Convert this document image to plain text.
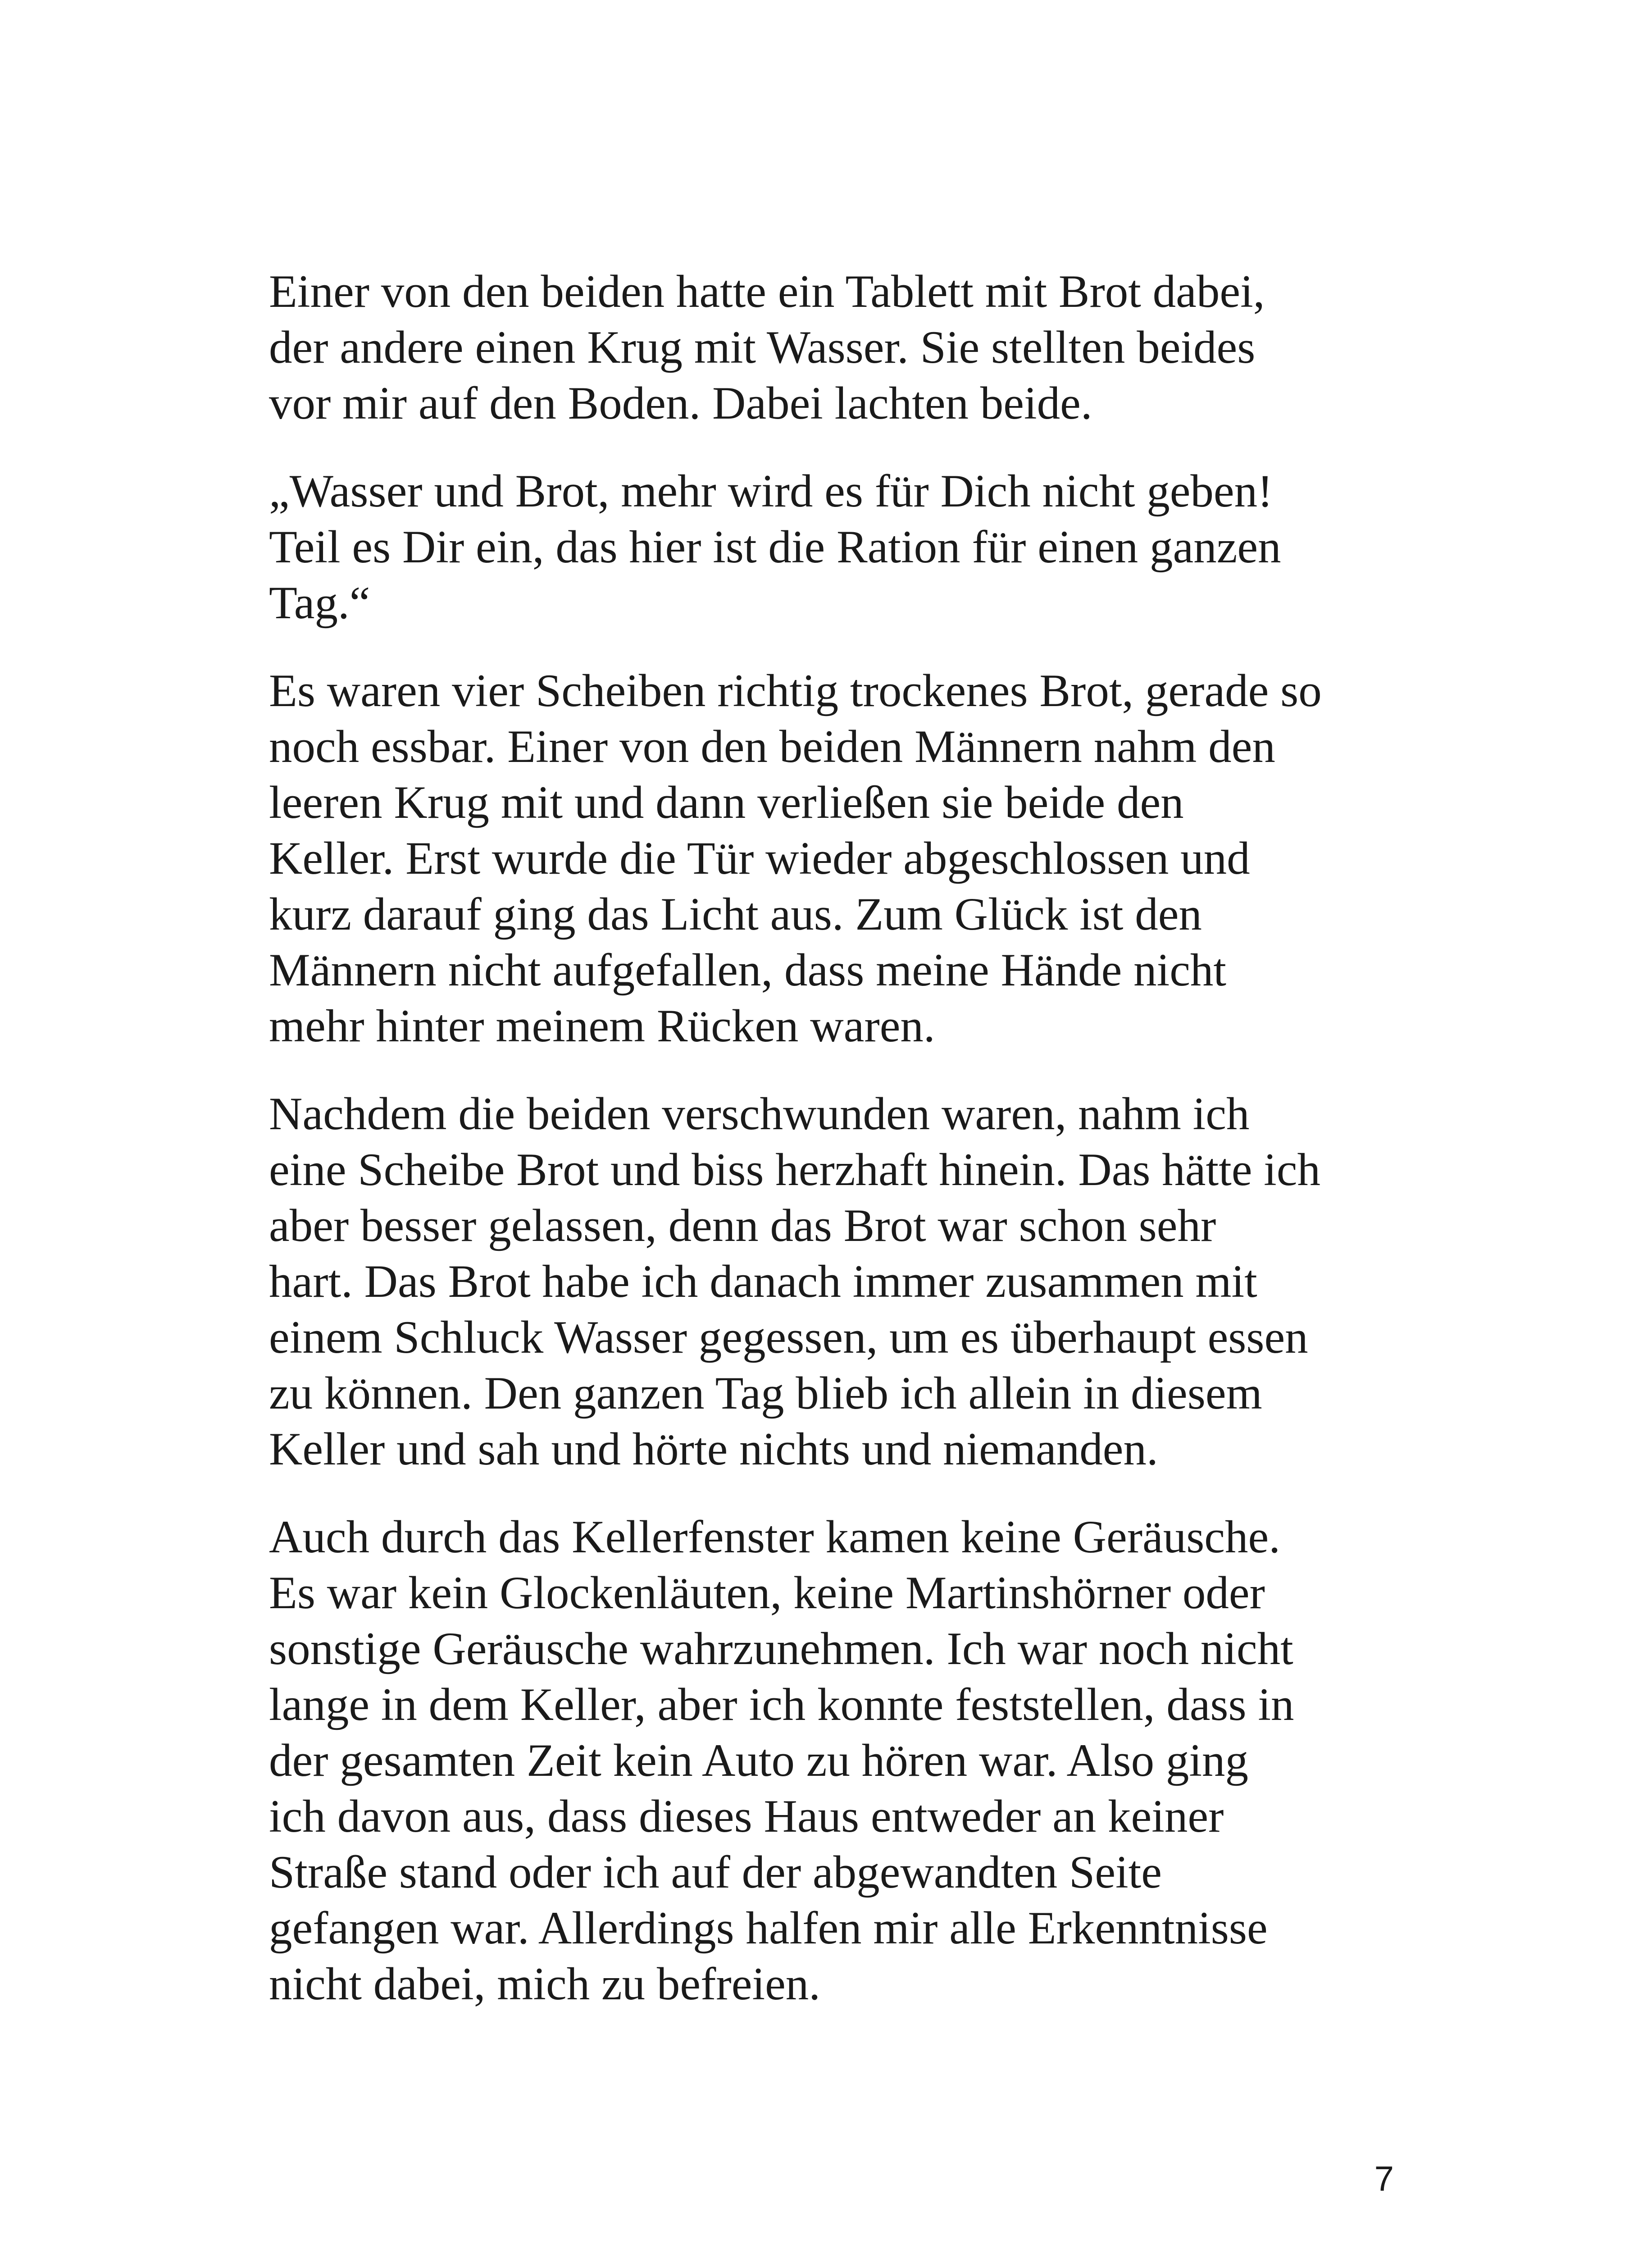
Einer von den beiden hatte ein Tablett mit Brot dabei,
der andere einen Krug mit Wasser. Sie stellten beides
vor mir auf den Boden. Dabei lachten beide.

„Wasser und Brot, mehr wird es für Dich nicht geben!
Teil es Dir ein, das hier ist die Ration für einen ganzen
Tag.“

Es waren vier Scheiben richtig trockenes Brot, gerade so
noch essbar. Einer von den beiden Männern nahm den
leeren Krug mit und dann verließen sie beide den
Keller. Erst wurde die Tür wieder abgeschlossen und
kurz darauf ging das Licht aus. Zum Glück ist den
Männern nicht aufgefallen, dass meine Hände nicht
mehr hinter meinem Rücken waren.

Nachdem die beiden verschwunden waren, nahm ich
eine Scheibe Brot und biss herzhaft hinein. Das hätte ich
aber besser gelassen, denn das Brot war schon sehr
hart. Das Brot habe ich danach immer zusammen mit
einem Schluck Wasser gegessen, um es überhaupt essen
zu können. Den ganzen Tag blieb ich allein in diesem
Keller und sah und hörte nichts und niemanden.

Auch durch das Kellerfenster kamen keine Geräusche.
Es war kein Glockenläuten, keine Martinshörner oder
sonstige Geräusche wahrzunehmen. Ich war noch nicht
lange in dem Keller, aber ich konnte feststellen, dass in
der gesamten Zeit kein Auto zu hören war. Also ging
ich davon aus, dass dieses Haus entweder an keiner
Straße stand oder ich auf der abgewandten Seite
gefangen war. Allerdings halfen mir alle Erkenntnisse
nicht dabei, mich zu befreien.

7
